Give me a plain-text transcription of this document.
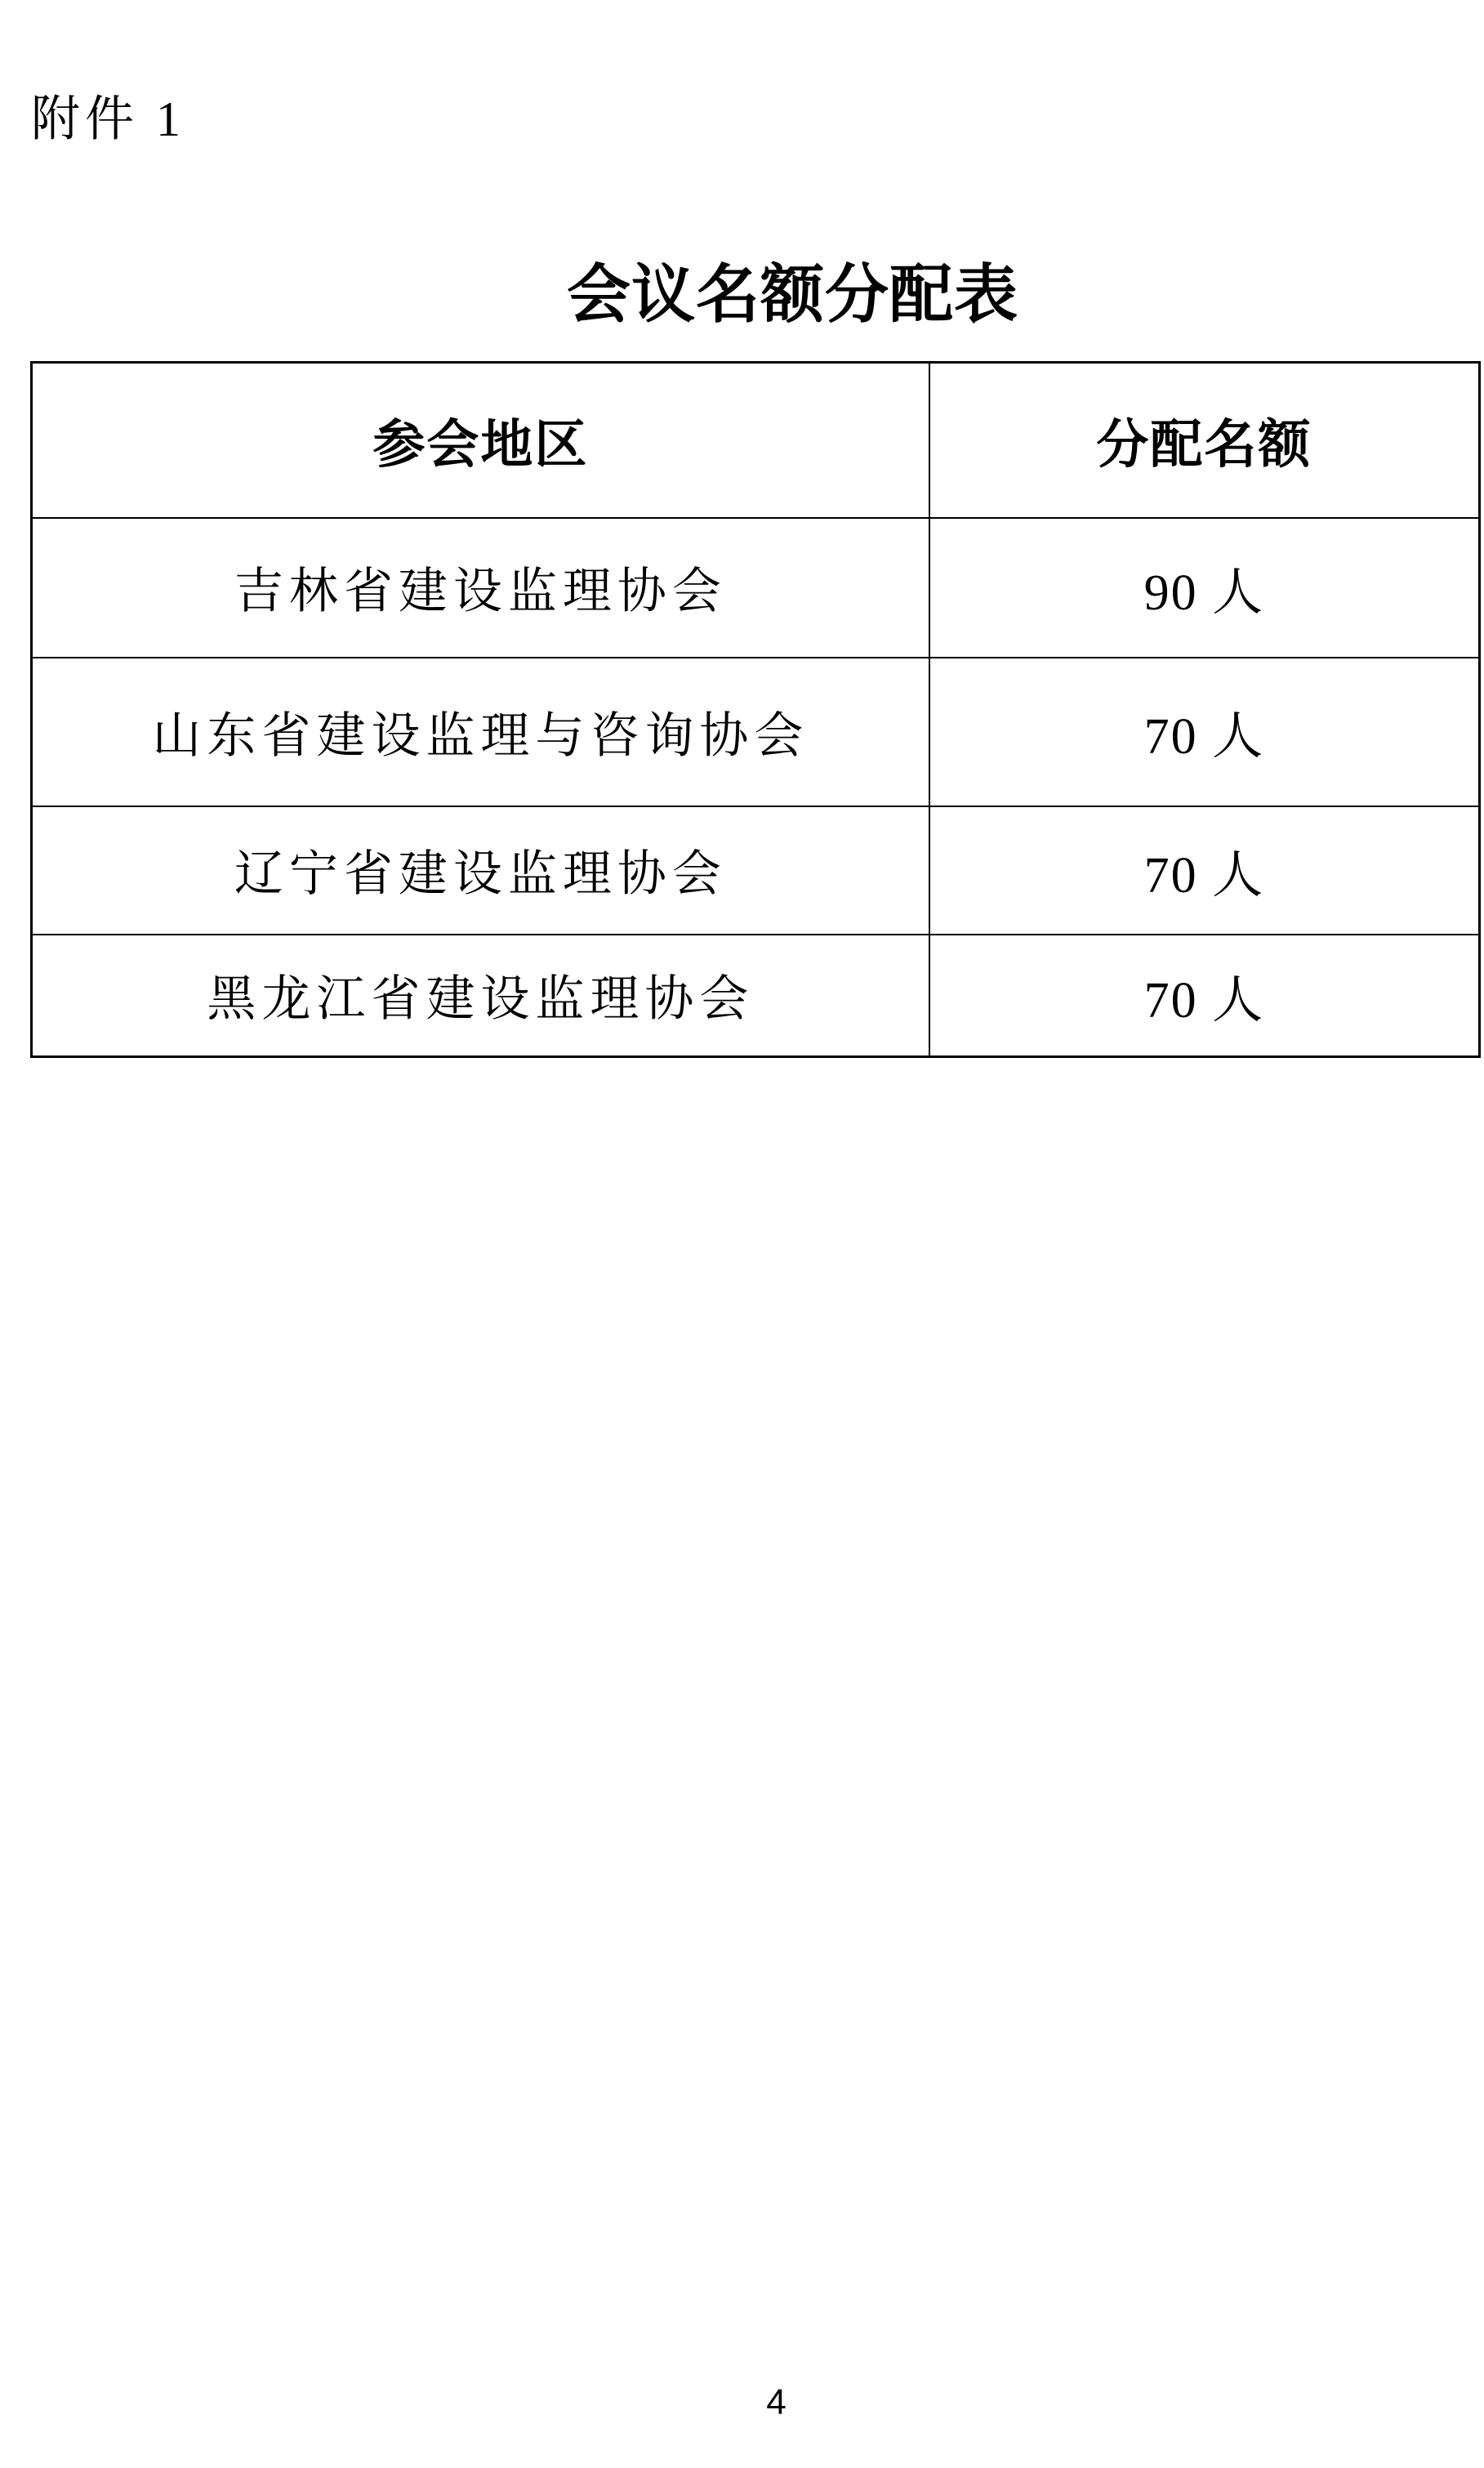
附件 1
会议名额分配表
参会地区	分配名额
吉林省建设监理协会	90 人
山东省建设监理与咨询协会	70 人
辽宁省建设监理协会	70 人
黑龙江省建设监理协会	70 人
4
